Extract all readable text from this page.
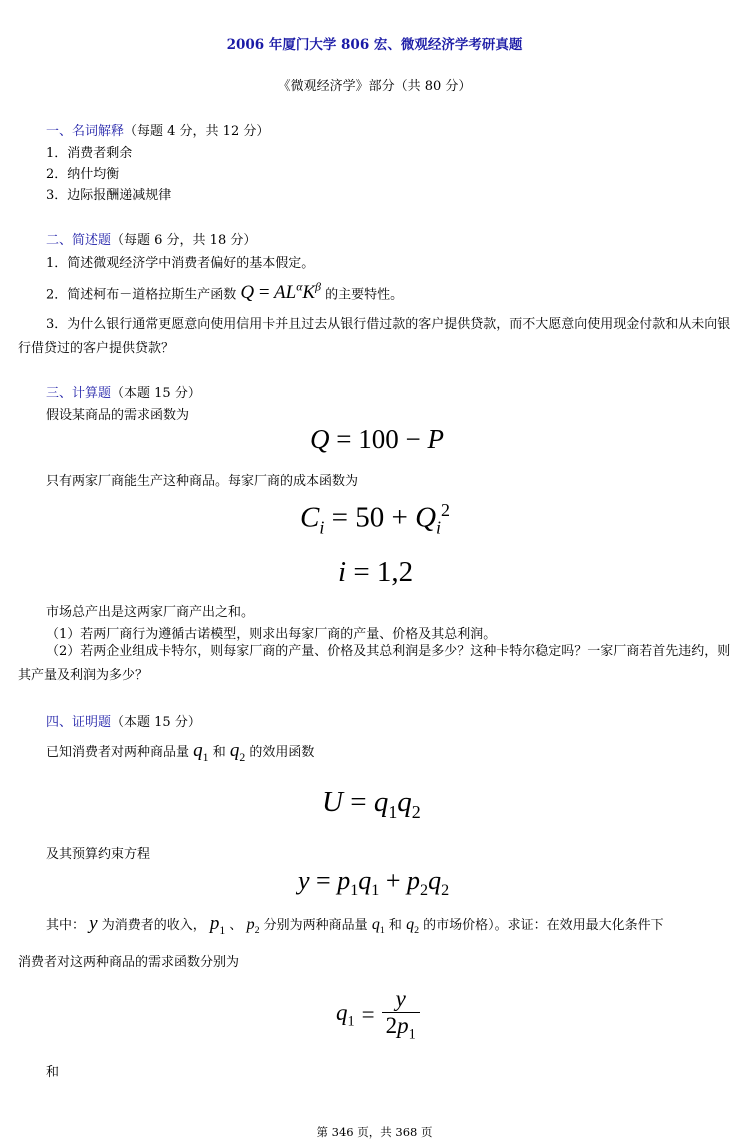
2006 年厦门大学 806 宏、微观经济学考研真题
《微观经济学》部分（共 80 分）
一、名词解释（每题 4 分，共 12 分）
1．消费者剩余
2．纳什均衡
3．边际报酬递减规律
二、简述题（每题 6 分，共 18 分）
1．简述微观经济学中消费者偏好的基本假定。
2．简述柯布－道格拉斯生产函数 $Q = AL^\alpha K^\beta$ 的主要特性。
3．为什么银行通常更愿意向使用信用卡并且过去从银行借过款的客户提供贷款，而不大愿意向使用现金付款和从未向银行借贷过的客户提供贷款？
三、计算题（本题 15 分）
假设某商品的需求函数为
Q = 100 − P
只有两家厂商能生产这种商品。每家厂商的成本函数为
$C_i = 50 + Q_i^2$
i = 1,2
市场总产出是这两家厂商产出之和。
（1）若两厂商行为遵循古诺模型，则求出每家厂商的产量、价格及其总利润。
（2）若两企业组成卡特尔，则每家厂商的产量、价格及其总利润是多少？这种卡特尔稳定吗？一家厂商若首先违约，则其产量及利润为多少？
四、证明题（本题 15 分）
已知消费者对两种商品量 $q_1$ 和 $q_2$ 的效用函数
$U = q_1q_2$
及其预算约束方程
$y = p_1q_1 + p_2q_2$
其中： y 为消费者的收入， $p_1$ 、 $p_2$ 分别为两种商品量 $q_1$ 和 $q_2$ 的市场价格）。求证：在效用最大化条件下
消费者对这两种商品的需求函数分别为
$q_1 = \frac{y}{2p_1}$
和
第 346 页，共 368 页
